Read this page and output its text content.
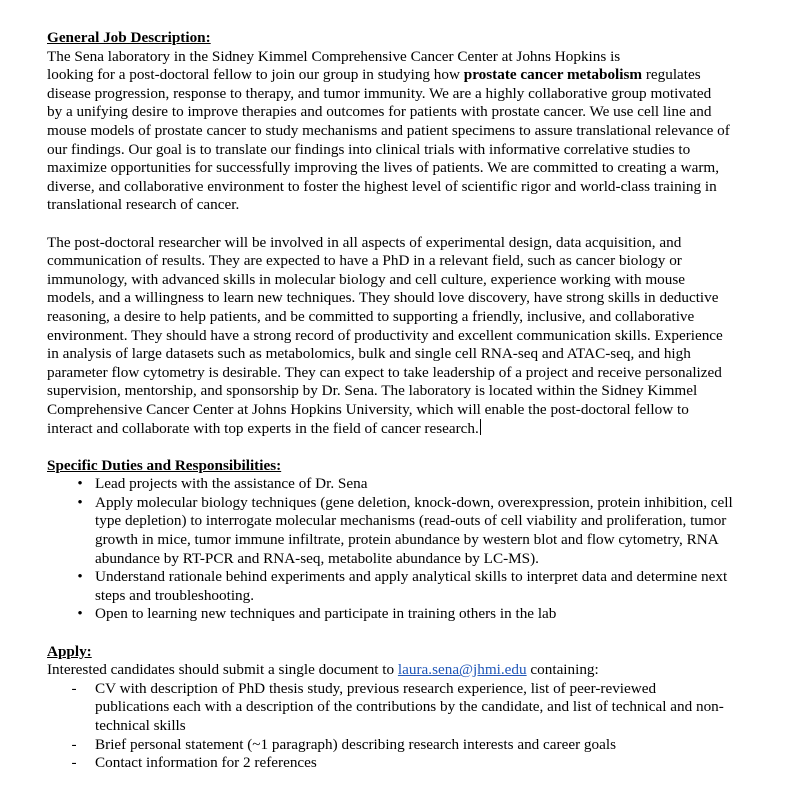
General Job Description:
The Sena laboratory in the Sidney Kimmel Comprehensive Cancer Center at Johns Hopkins is
looking for a post-doctoral fellow to join our group in studying how prostate cancer metabolism regulates
disease progression, response to therapy, and tumor immunity. We are a highly collaborative group motivated
by a unifying desire to improve therapies and outcomes for patients with prostate cancer. We use cell line and
mouse models of prostate cancer to study mechanisms and patient specimens to assure translational relevance of
our findings. Our goal is to translate our findings into clinical trials with informative correlative studies to
maximize opportunities for successfully improving the lives of patients. We are committed to creating a warm,
diverse, and collaborative environment to foster the highest level of scientific rigor and world-class training in
translational research of cancer.
The post-doctoral researcher will be involved in all aspects of experimental design, data acquisition, and
communication of results. They are expected to have a PhD in a relevant field, such as cancer biology or
immunology, with advanced skills in molecular biology and cell culture, experience working with mouse
models, and a willingness to learn new techniques. They should love discovery, have strong skills in deductive
reasoning, a desire to help patients, and be committed to supporting a friendly, inclusive, and collaborative
environment. They should have a strong record of productivity and excellent communication skills. Experience
in analysis of large datasets such as metabolomics, bulk and single cell RNA-seq and ATAC-seq, and high
parameter flow cytometry is desirable. They can expect to take leadership of a project and receive personalized
supervision, mentorship, and sponsorship by Dr. Sena. The laboratory is located within the Sidney Kimmel
Comprehensive Cancer Center at Johns Hopkins University, which will enable the post-doctoral fellow to
interact and collaborate with top experts in the field of cancer research.
Specific Duties and Responsibilities:
• Lead projects with the assistance of Dr. Sena
• Apply molecular biology techniques (gene deletion, knock-down, overexpression, protein inhibition, cell
type depletion) to interrogate molecular mechanisms (read-outs of cell viability and proliferation, tumor
growth in mice, tumor immune infiltrate, protein abundance by western blot and flow cytometry, RNA
abundance by RT-PCR and RNA-seq, metabolite abundance by LC-MS).
• Understand rationale behind experiments and apply analytical skills to interpret data and determine next
steps and troubleshooting.
• Open to learning new techniques and participate in training others in the lab
Apply:
Interested candidates should submit a single document to laura.sena@jhmi.edu containing:
- CV with description of PhD thesis study, previous research experience, list of peer-reviewed
publications each with a description of the contributions by the candidate, and list of technical and non-
technical skills
- Brief personal statement (~1 paragraph) describing research interests and career goals
- Contact information for 2 references
